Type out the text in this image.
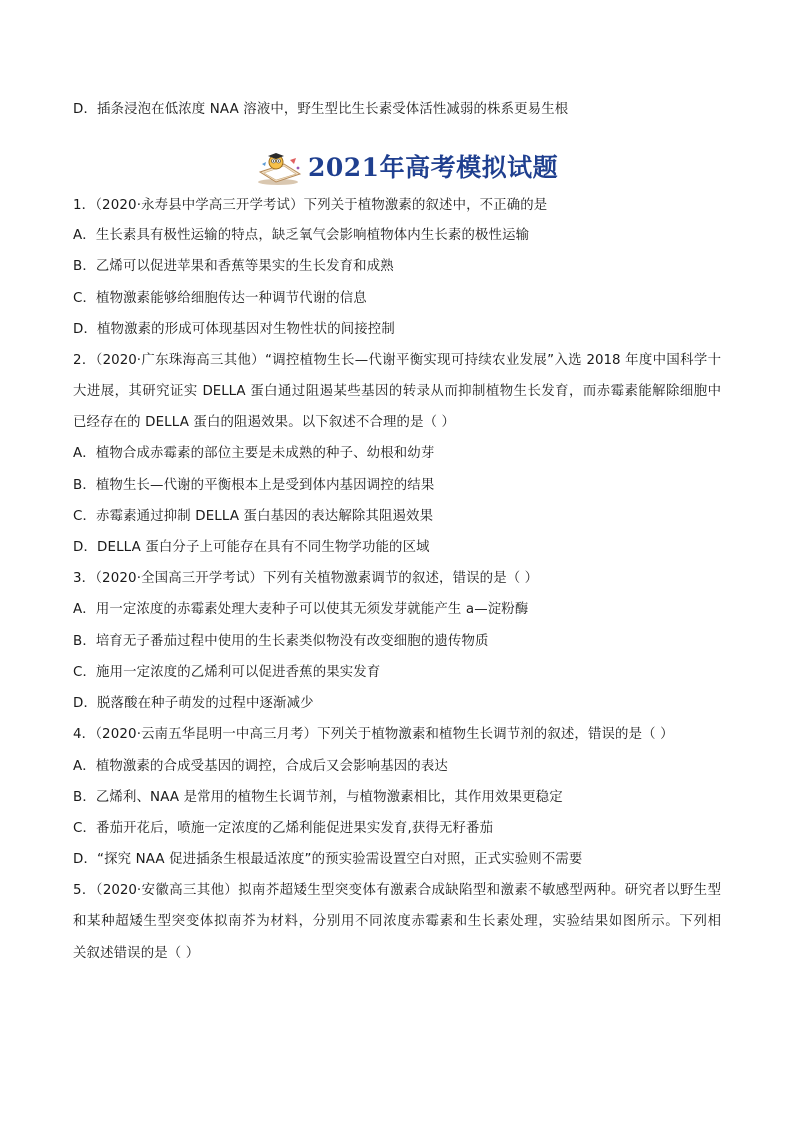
D．插条浸泡在低浓度 NAA 溶液中，野生型比生长素受体活性减弱的株系更易生根
2021年高考模拟试题
1．（2020·永寿县中学高三开学考试）下列关于植物激素的叙述中，不正确的是
A．生长素具有极性运输的特点，缺乏氧气会影响植物体内生长素的极性运输
B．乙烯可以促进苹果和香蕉等果实的生长发育和成熟
C．植物激素能够给细胞传达一种调节代谢的信息
D．植物激素的形成可体现基因对生物性状的间接控制
2．（2020·广东珠海高三其他）“调控植物生长—代谢平衡实现可持续农业发展”入选 2018 年度中国科学十
大进展，其研究证实 DELLA 蛋白通过阻遏某些基因的转录从而抑制植物生长发育，而赤霉素能解除细胞中
已经存在的 DELLA 蛋白的阻遏效果。以下叙述不合理的是（ ）
A．植物合成赤霉素的部位主要是未成熟的种子、幼根和幼芽
B．植物生长—代谢的平衡根本上是受到体内基因调控的结果
C．赤霉素通过抑制 DELLA 蛋白基因的表达解除其阻遏效果
D．DELLA 蛋白分子上可能存在具有不同生物学功能的区域
3．（2020·全国高三开学考试）下列有关植物激素调节的叙述，错误的是（ ）
A．用一定浓度的赤霉素处理大麦种子可以使其无须发芽就能产生 a—淀粉酶
B．培育无子番茄过程中使用的生长素类似物没有改变细胞的遗传物质
C．施用一定浓度的乙烯利可以促进香蕉的果实发育
D．脱落酸在种子萌发的过程中逐渐减少
4．（2020·云南五华昆明一中高三月考）下列关于植物激素和植物生长调节剂的叙述，错误的是（ ）
A．植物激素的合成受基因的调控，合成后又会影响基因的表达
B．乙烯利、NAA 是常用的植物生长调节剂，与植物激素相比，其作用效果更稳定
C．番茄开花后，喷施一定浓度的乙烯利能促进果实发育,获得无籽番茄
D．“探究 NAA 促进插条生根最适浓度”的预实验需设置空白对照，正式实验则不需要
5．（2020·安徽高三其他）拟南芥超矮生型突变体有激素合成缺陷型和激素不敏感型两种。研究者以野生型
和某种超矮生型突变体拟南芥为材料，分别用不同浓度赤霉素和生长素处理，实验结果如图所示。下列相
关叙述错误的是（ ）
